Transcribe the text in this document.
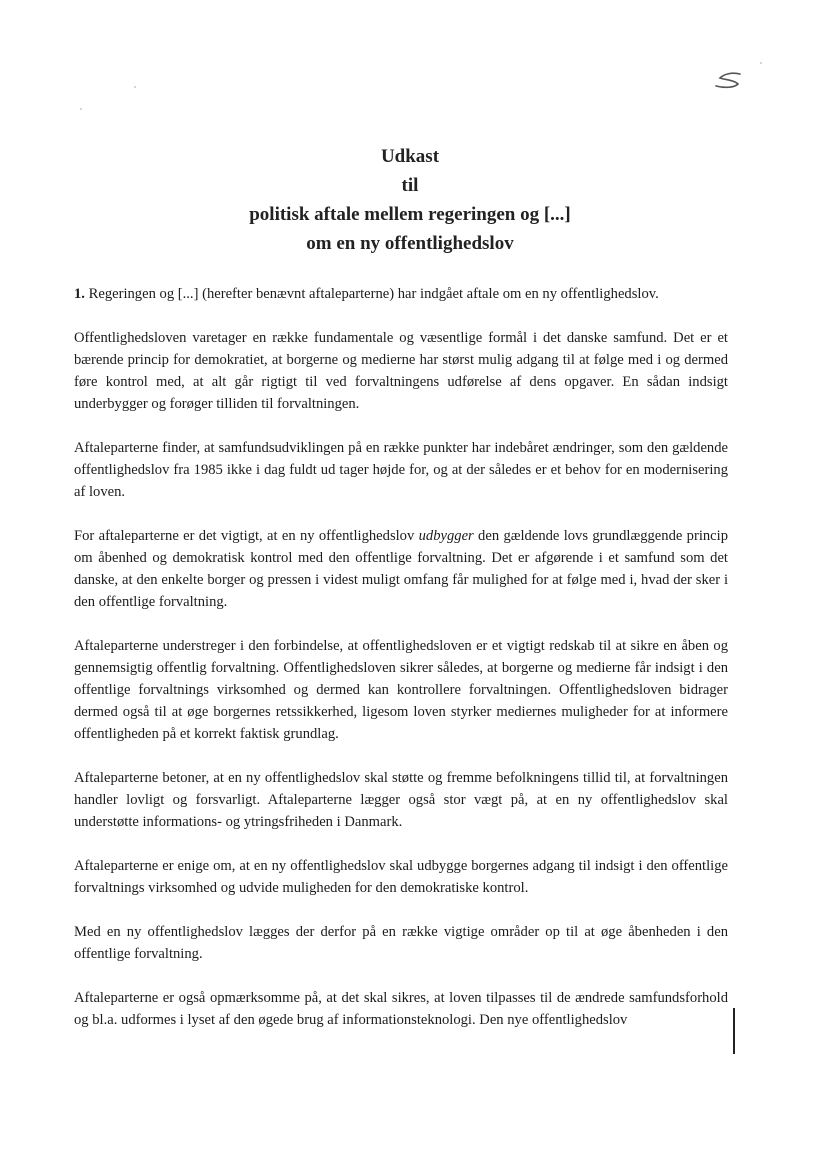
Udkast
til
politisk aftale mellem regeringen og [...]
om en ny offentlighedslov

1. Regeringen og [...] (herefter benævnt aftaleparterne) har indgået aftale om en ny offentlighedslov.

Offentlighedsloven varetager en række fundamentale og væsentlige formål i det danske samfund. Det er et bærende princip for demokratiet, at borgerne og medierne har størst mulig adgang til at følge med i og dermed føre kontrol med, at alt går rigtigt til ved forvaltningens udførelse af dens opgaver. En sådan indsigt underbygger og forøger tilliden til forvaltningen.

Aftaleparterne finder, at samfundsudviklingen på en række punkter har indebåret ændringer, som den gældende offentlighedslov fra 1985 ikke i dag fuldt ud tager højde for, og at der således er et behov for en modernisering af loven.

For aftaleparterne er det vigtigt, at en ny offentlighedslov udbygger den gældende lovs grundlæggende princip om åbenhed og demokratisk kontrol med den offentlige forvaltning. Det er afgørende i et samfund som det danske, at den enkelte borger og pressen i videst muligt omfang får mulighed for at følge med i, hvad der sker i den offentlige forvaltning.

Aftaleparterne understreger i den forbindelse, at offentlighedsloven er et vigtigt redskab til at sikre en åben og gennemsigtig offentlig forvaltning. Offentlighedsloven sikrer således, at borgerne og medierne får indsigt i den offentlige forvaltnings virksomhed og dermed kan kontrollere forvaltningen. Offentlighedsloven bidrager dermed også til at øge borgernes retssikkerhed, ligesom loven styrker mediernes muligheder for at informere offentligheden på et korrekt faktisk grundlag.

Aftaleparterne betoner, at en ny offentlighedslov skal støtte og fremme befolkningens tillid til, at forvaltningen handler lovligt og forsvarligt. Aftaleparterne lægger også stor vægt på, at en ny offentlighedslov skal understøtte informations- og ytringsfriheden i Danmark.

Aftaleparterne er enige om, at en ny offentlighedslov skal udbygge borgernes adgang til indsigt i den offentlige forvaltnings virksomhed og udvide muligheden for den demokratiske kontrol.

Med en ny offentlighedslov lægges der derfor på en række vigtige områder op til at øge åbenheden i den offentlige forvaltning.

Aftaleparterne er også opmærksomme på, at det skal sikres, at loven tilpasses til de ændrede samfundsforhold og bl.a. udformes i lyset af den øgede brug af informationsteknologi. Den nye offentlighedslov
